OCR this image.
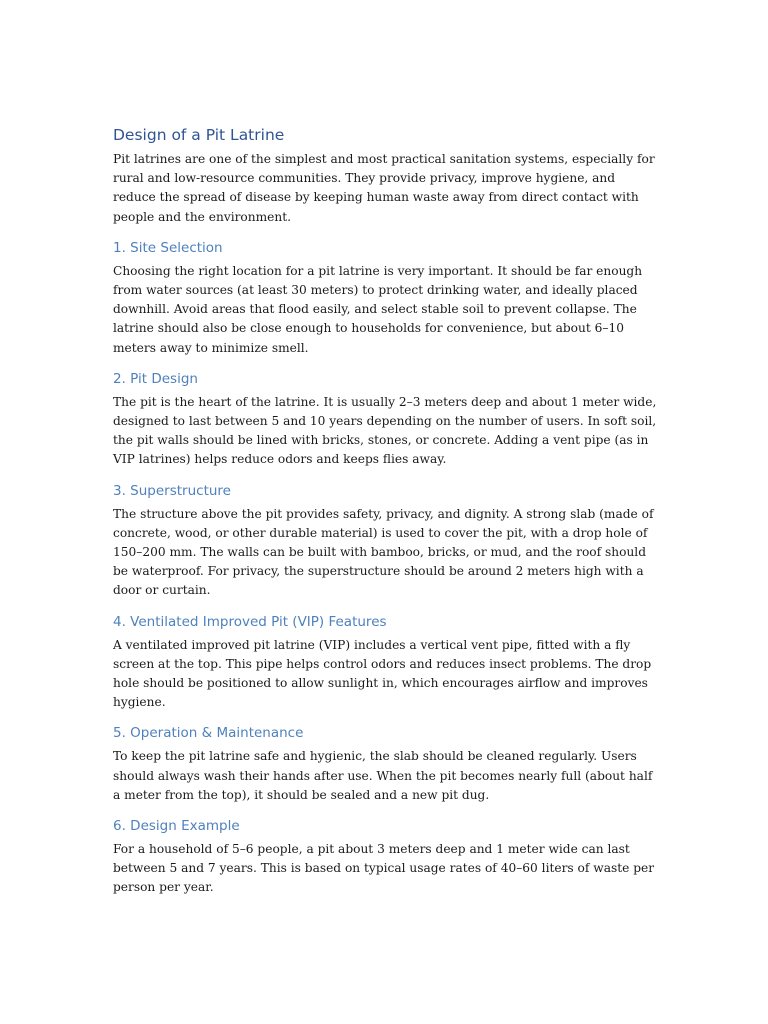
Design of a Pit Latrine

Pit latrines are one of the simplest and most practical sanitation systems, especially for rural and low-resource communities. They provide privacy, improve hygiene, and reduce the spread of disease by keeping human waste away from direct contact with people and the environment.

1. Site Selection

Choosing the right location for a pit latrine is very important. It should be far enough from water sources (at least 30 meters) to protect drinking water, and ideally placed downhill. Avoid areas that flood easily, and select stable soil to prevent collapse. The latrine should also be close enough to households for convenience, but about 6–10 meters away to minimize smell.

2. Pit Design

The pit is the heart of the latrine. It is usually 2–3 meters deep and about 1 meter wide, designed to last between 5 and 10 years depending on the number of users. In soft soil, the pit walls should be lined with bricks, stones, or concrete. Adding a vent pipe (as in VIP latrines) helps reduce odors and keeps flies away.

3. Superstructure

The structure above the pit provides safety, privacy, and dignity. A strong slab (made of concrete, wood, or other durable material) is used to cover the pit, with a drop hole of 150–200 mm. The walls can be built with bamboo, bricks, or mud, and the roof should be waterproof. For privacy, the superstructure should be around 2 meters high with a door or curtain.

4. Ventilated Improved Pit (VIP) Features

A ventilated improved pit latrine (VIP) includes a vertical vent pipe, fitted with a fly screen at the top. This pipe helps control odors and reduces insect problems. The drop hole should be positioned to allow sunlight in, which encourages airflow and improves hygiene.

5. Operation & Maintenance

To keep the pit latrine safe and hygienic, the slab should be cleaned regularly. Users should always wash their hands after use. When the pit becomes nearly full (about half a meter from the top), it should be sealed and a new pit dug.

6. Design Example

For a household of 5–6 people, a pit about 3 meters deep and 1 meter wide can last between 5 and 7 years. This is based on typical usage rates of 40–60 liters of waste per person per year.
